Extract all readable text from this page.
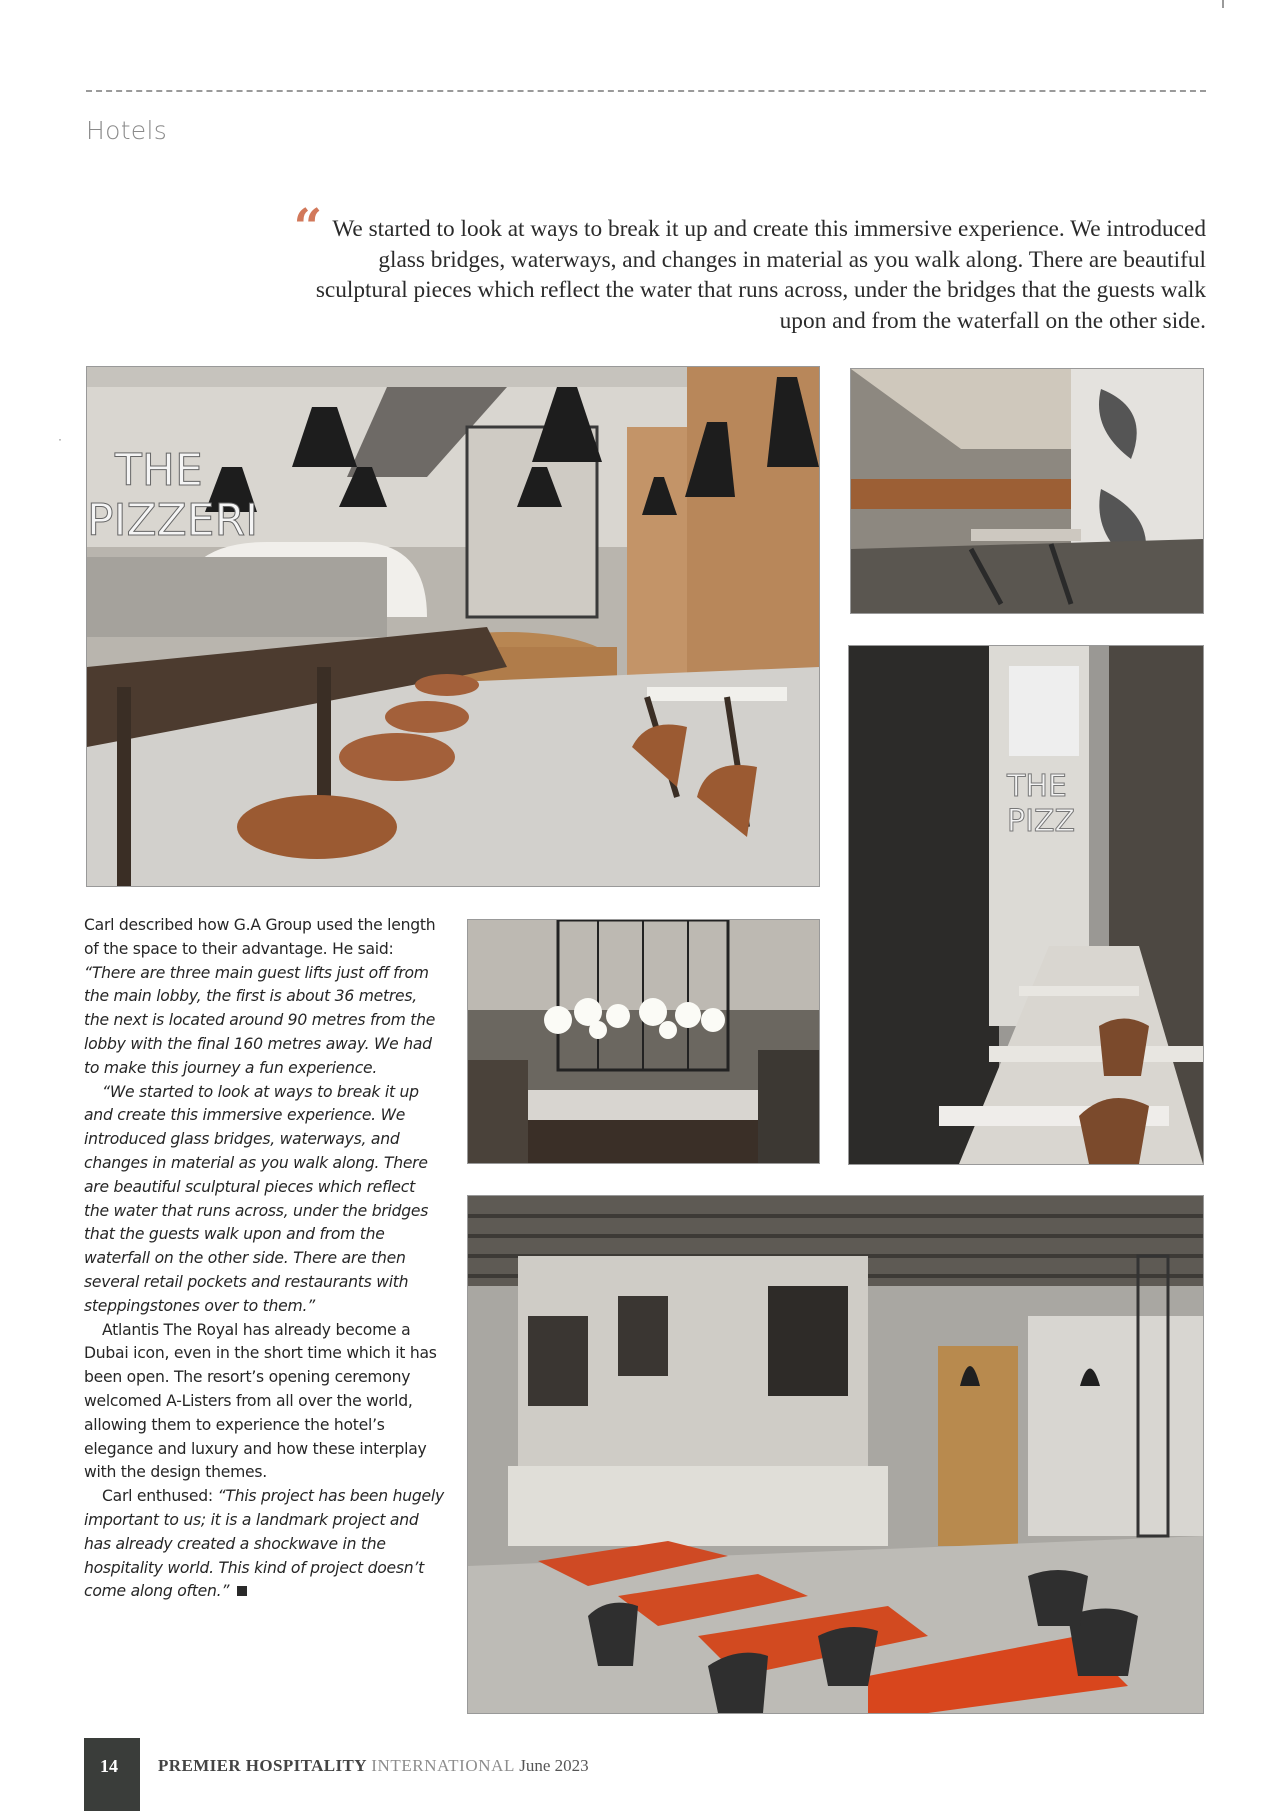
Hotels

“ We started to look at ways to break it up and create this immersive experience. We introduced glass bridges, waterways, and changes in material as you walk along. There are beautiful sculptural pieces which reflect the water that runs across, under the bridges that the guests walk upon and from the waterfall on the other side.

·
THE
PIZZERI
THE
PIZZ

Carl described how G.A Group used the length of the space to their advantage. He said: “There are three main guest lifts just off from the main lobby, the first is about 36 metres, the next is located around 90 metres from the lobby with the final 160 metres away. We had to make this journey a fun experience.

“We started to look at ways to break it up and create this immersive experience. We introduced glass bridges, waterways, and changes in material as you walk along. There are beautiful sculptural pieces which reflect the water that runs across, under the bridges that the guests walk upon and from the waterfall on the other side. There are then several retail pockets and restaurants with steppingstones over to them.”

Atlantis The Royal has already become a Dubai icon, even in the short time which it has been open. The resort’s opening ceremony welcomed A-Listers from all over the world, allowing them to experience the hotel’s elegance and luxury and how these interplay with the design themes.

Carl enthused: “This project has been hugely important to us; it is a landmark project and has already created a shockwave in the hospitality world. This kind of project doesn’t come along often.”

14 PREMIER HOSPITALITY INTERNATIONAL June 2023
